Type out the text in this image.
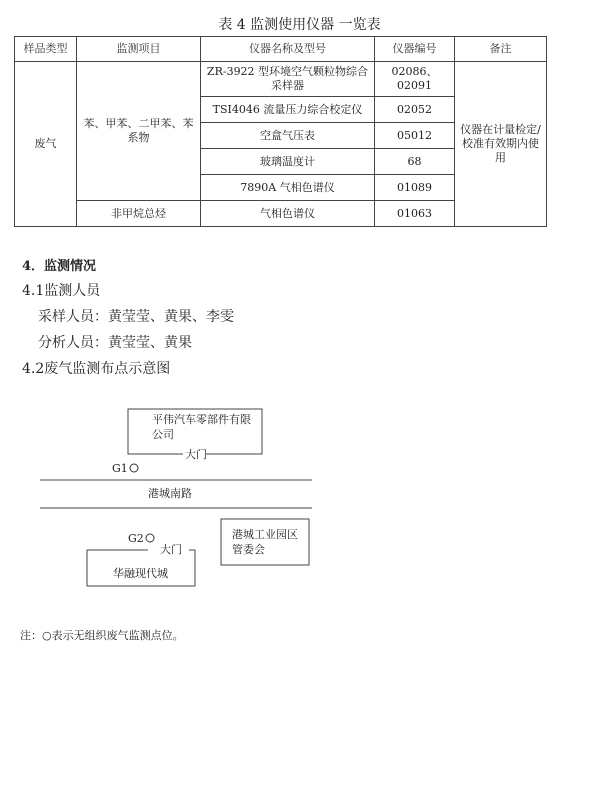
表 4 监测使用仪器 一览表
样品类型	监测项目	仪器名称及型号	仪器编号	备注
废气	苯、甲苯、二甲苯、苯系物	ZR-3922 型环境空气颗粒物综合采样器	02086、02091	仪器在计量检定/校准有效期内使用
		TSI4046 流量压力综合校定仪	02052	
		空盒气压表	05012	
		玻璃温度计	68	
		7890A 气相色谱仪	01089	
	非甲烷总烃	气相色谱仪	01063	
4．监测情况
4.1监测人员
采样人员：黄莹莹、黄果、李雯
分析人员：黄莹莹、黄果
4.2废气监测布点示意图
平伟汽车零部件有限公司
大门
G1
港城南路
G2
大门
华融现代城
港城工业园区管委会
注：○表示无组织废气监测点位。
